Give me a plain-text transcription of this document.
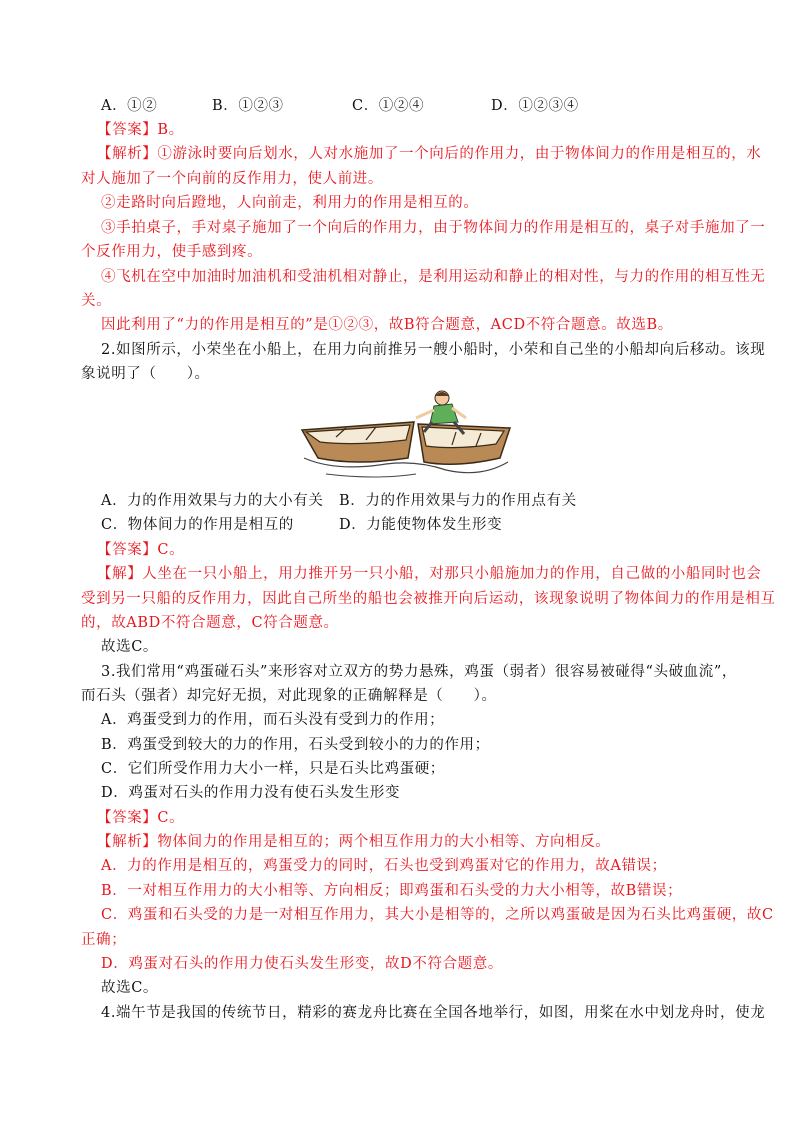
A．①②	B．①②③	C．①②④	D．①②③④
【答案】B。
【解析】①游泳时要向后划水，人对水施加了一个向后的作用力，由于物体间力的作用是相互的，水
对人施加了一个向前的反作用力，使人前进。
②走路时向后蹬地，人向前走，利用力的作用是相互的。
③手拍桌子，手对桌子施加了一个向后的作用力，由于物体间力的作用是相互的，桌子对手施加了一
个反作用力，使手感到疼。
④飞机在空中加油时加油机和受油机相对静止，是利用运动和静止的相对性，与力的作用的相互性无
关。
因此利用了“力的作用是相互的”是①②③，故B符合题意，ACD不符合题意。故选B。
2.如图所示，小荣坐在小船上，在用力向前推另一艘小船时，小荣和自己坐的小船却向后移动。该现
象说明了（　　）。
A．力的作用效果与力的大小有关 B．力的作用效果与力的作用点有关
C．物体间力的作用是相互的	D．力能使物体发生形变
【答案】C。
【解】人坐在一只小船上，用力推开另一只小船，对那只小船施加力的作用，自己做的小船同时也会
受到另一只船的反作用力，因此自己所坐的船也会被推开向后运动，该现象说明了物体间力的作用是相互
的，故ABD不符合题意，C符合题意。
故选C。
3.我们常用“鸡蛋碰石头”来形容对立双方的势力悬殊，鸡蛋（弱者）很容易被碰得“头破血流”，
而石头（强者）却完好无损，对此现象的正确解释是（　　）。
A．鸡蛋受到力的作用，而石头没有受到力的作用；
B．鸡蛋受到较大的力的作用，石头受到较小的力的作用；
C．它们所受作用力大小一样，只是石头比鸡蛋硬；
D．鸡蛋对石头的作用力没有使石头发生形变
【答案】C。
【解析】物体间力的作用是相互的；两个相互作用力的大小相等、方向相反。
A．力的作用是相互的，鸡蛋受力的同时，石头也受到鸡蛋对它的作用力，故A错误；
B．一对相互作用力的大小相等、方向相反；即鸡蛋和石头受的力大小相等，故B错误；
C．鸡蛋和石头受的力是一对相互作用力，其大小是相等的，之所以鸡蛋破是因为石头比鸡蛋硬，故C
正确；
D．鸡蛋对石头的作用力使石头发生形变，故D不符合题意。
故选C。
4.端午节是我国的传统节日，精彩的赛龙舟比赛在全国各地举行，如图，用桨在水中划龙舟时，使龙
